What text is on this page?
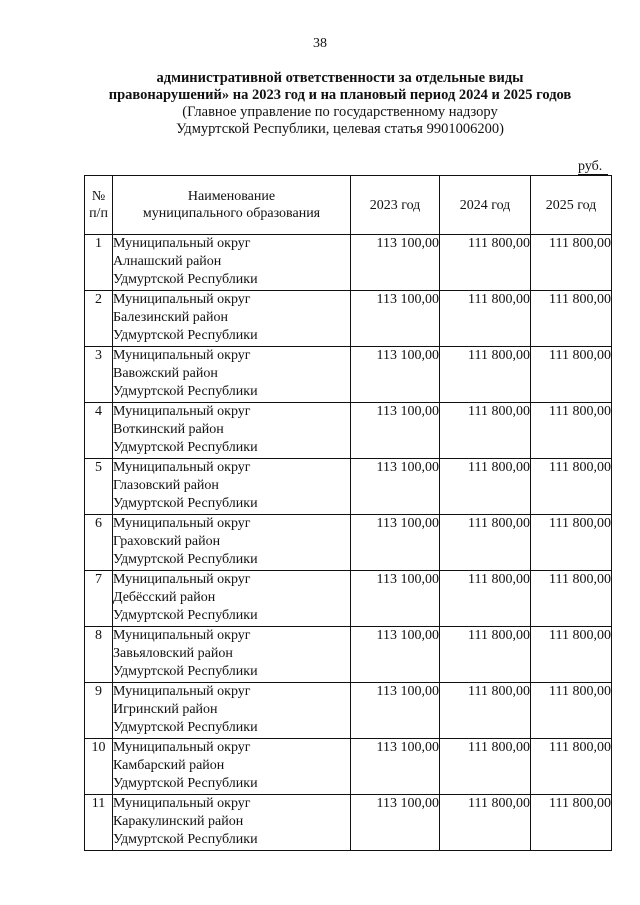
38
административной ответственности за отдельные виды
правонарушений» на 2023 год и на плановый период 2024 и 2025 годов
(Главное управление по государственному надзору
Удмуртской Республики, целевая статья 9901006200)
руб.
№
п/п	Наименование
муниципального образования	2023 год	2024 год	2025 год
1	Муниципальный округ
Алнашский район
Удмуртской Республики	113 100,00	111 800,00	111 800,00
2	Муниципальный округ
Балезинский район
Удмуртской Республики	113 100,00	111 800,00	111 800,00
3	Муниципальный округ
Вавожский район
Удмуртской Республики	113 100,00	111 800,00	111 800,00
4	Муниципальный округ
Воткинский район
Удмуртской Республики	113 100,00	111 800,00	111 800,00
5	Муниципальный округ
Глазовский район
Удмуртской Республики	113 100,00	111 800,00	111 800,00
6	Муниципальный округ
Граховский район
Удмуртской Республики	113 100,00	111 800,00	111 800,00
7	Муниципальный округ
Дебёсский район
Удмуртской Республики	113 100,00	111 800,00	111 800,00
8	Муниципальный округ
Завьяловский район
Удмуртской Республики	113 100,00	111 800,00	111 800,00
9	Муниципальный округ
Игринский район
Удмуртской Республики	113 100,00	111 800,00	111 800,00
10	Муниципальный округ
Камбарский район
Удмуртской Республики	113 100,00	111 800,00	111 800,00
11	Муниципальный округ
Каракулинский район
Удмуртской Республики	113 100,00	111 800,00	111 800,00
